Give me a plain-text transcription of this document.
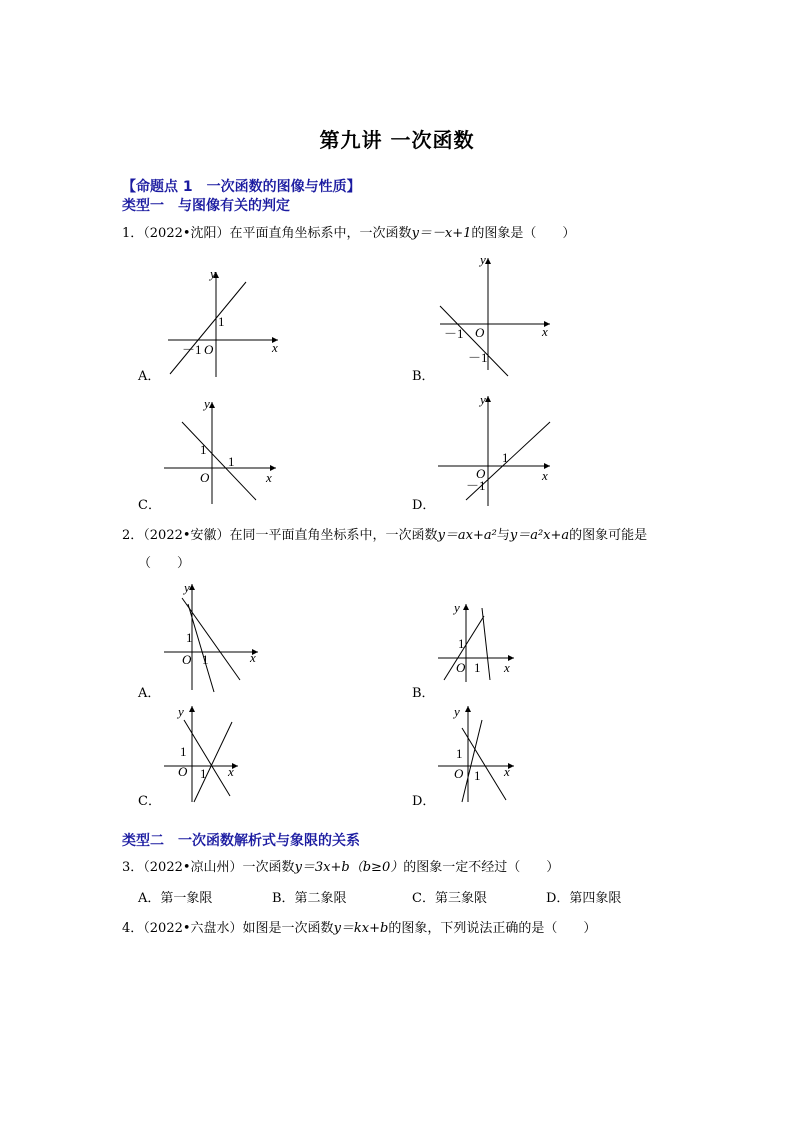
第九讲 一次函数
【命题点 1　一次函数的图像与性质】
类型一　与图像有关的判定
1．（2022•沈阳）在平面直角坐标系中，一次函数y＝－x+1的图象是（　　）
y
x
O
1
－1
A．
y
x
O
－1
－1
B．
y
x
O
1
1
C．
y
x
O
1
－1
D．
2．（2022•安徽）在同一平面直角坐标系中，一次函数y＝ax+a²与y＝a²x+a的图象可能是
（　　）
y
x
O
1
1
A．
y
x
O
1
1
B．
y
x
O
1
1
C．
y
x
O
1
1
D．
类型二　一次函数解析式与象限的关系
3．（2022•凉山州）一次函数y＝3x+b（b≥0）的图象一定不经过（　　）
A．第一象限	B．第二象限	C．第三象限	D．第四象限
4．（2022•六盘水）如图是一次函数y＝kx+b的图象，下列说法正确的是（　　）
